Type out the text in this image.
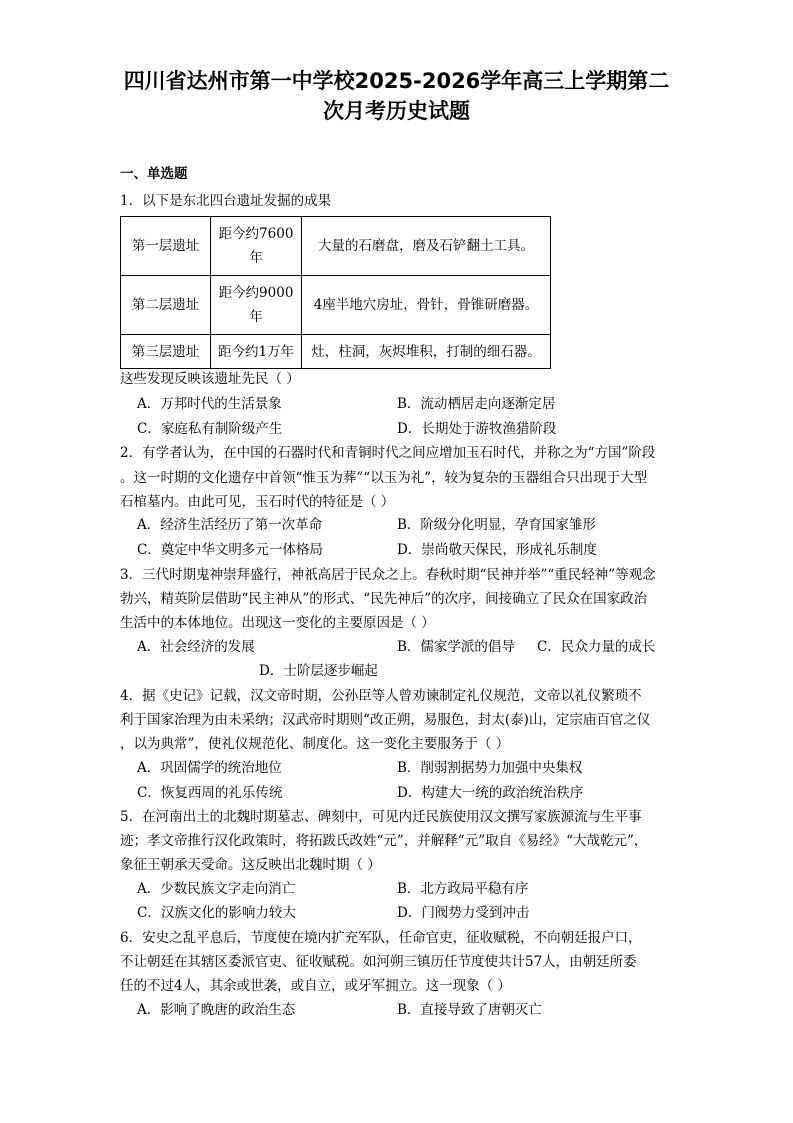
四川省达州市第一中学校2025-2026学年高三上学期第二
次月考历史试题
一、单选题
1．以下是东北四台遗址发掘的成果
第一层遗址	距今约7600年	大量的石磨盘，磨及石铲翻土工具。
第二层遗址	距今约9000年	4座半地穴房址，骨针，骨锥研磨器。
第三层遗址	距今约1万年	灶，柱洞，灰烬堆积，打制的细石器。
这些发现反映该遗址先民（ ）
A．万邦时代的生活景象	B．流动栖居走向逐渐定居
C．家庭私有制阶级产生	D．长期处于游牧渔猎阶段
2．有学者认为，在中国的石器时代和青铜时代之间应增加玉石时代，并称之为“方国”阶段
。这一时期的文化遗存中首领“惟玉为葬”“以玉为礼”，较为复杂的玉器组合只出现于大型
石棺墓内。由此可见，玉石时代的特征是（ ）
A．经济生活经历了第一次革命	B．阶级分化明显，孕育国家雏形
C．奠定中华文明多元一体格局	D．崇尚敬天保民，形成礼乐制度
3．三代时期鬼神崇拜盛行，神祇高居于民众之上。春秋时期“民神并举”“重民轻神”等观念
勃兴，精英阶层借助“民主神从”的形式、“民先神后”的次序，间接确立了民众在国家政治
生活中的本体地位。出现这一变化的主要原因是（ ）
A．社会经济的发展	B．儒家学派的倡导 C．民众力量的成长
D．士阶层逐步崛起
4．据《史记》记载，汉文帝时期，公孙臣等人曾劝谏制定礼仪规范，文帝以礼仪繁琐不
利于国家治理为由未采纳；汉武帝时期则“改正朔，易服色，封太(泰)山，定宗庙百官之仪
，以为典常”，使礼仪规范化、制度化。这一变化主要服务于（ ）
A．巩固儒学的统治地位	B．削弱割据势力加强中央集权
C．恢复西周的礼乐传统	D．构建大一统的政治统治秩序
5．在河南出土的北魏时期墓志、碑刻中，可见内迁民族使用汉文撰写家族源流与生平事
迹；孝文帝推行汉化政策时，将拓跋氏改姓“元”，并解释“元”取自《易经》“大哉乾元”，
象征王朝承天受命。这反映出北魏时期（ ）
A．少数民族文字走向消亡	B．北方政局平稳有序
C．汉族文化的影响力较大	D．门阀势力受到冲击
6．安史之乱平息后，节度使在境内扩充军队，任命官吏，征收赋税，不向朝廷报户口，
不让朝廷在其辖区委派官吏、征收赋税。如河朔三镇历任节度使共计57人，由朝廷所委
任的不过4人，其余或世袭，或自立，或牙军拥立。这一现象（ ）
A．影响了晚唐的政治生态	B．直接导致了唐朝灭亡
